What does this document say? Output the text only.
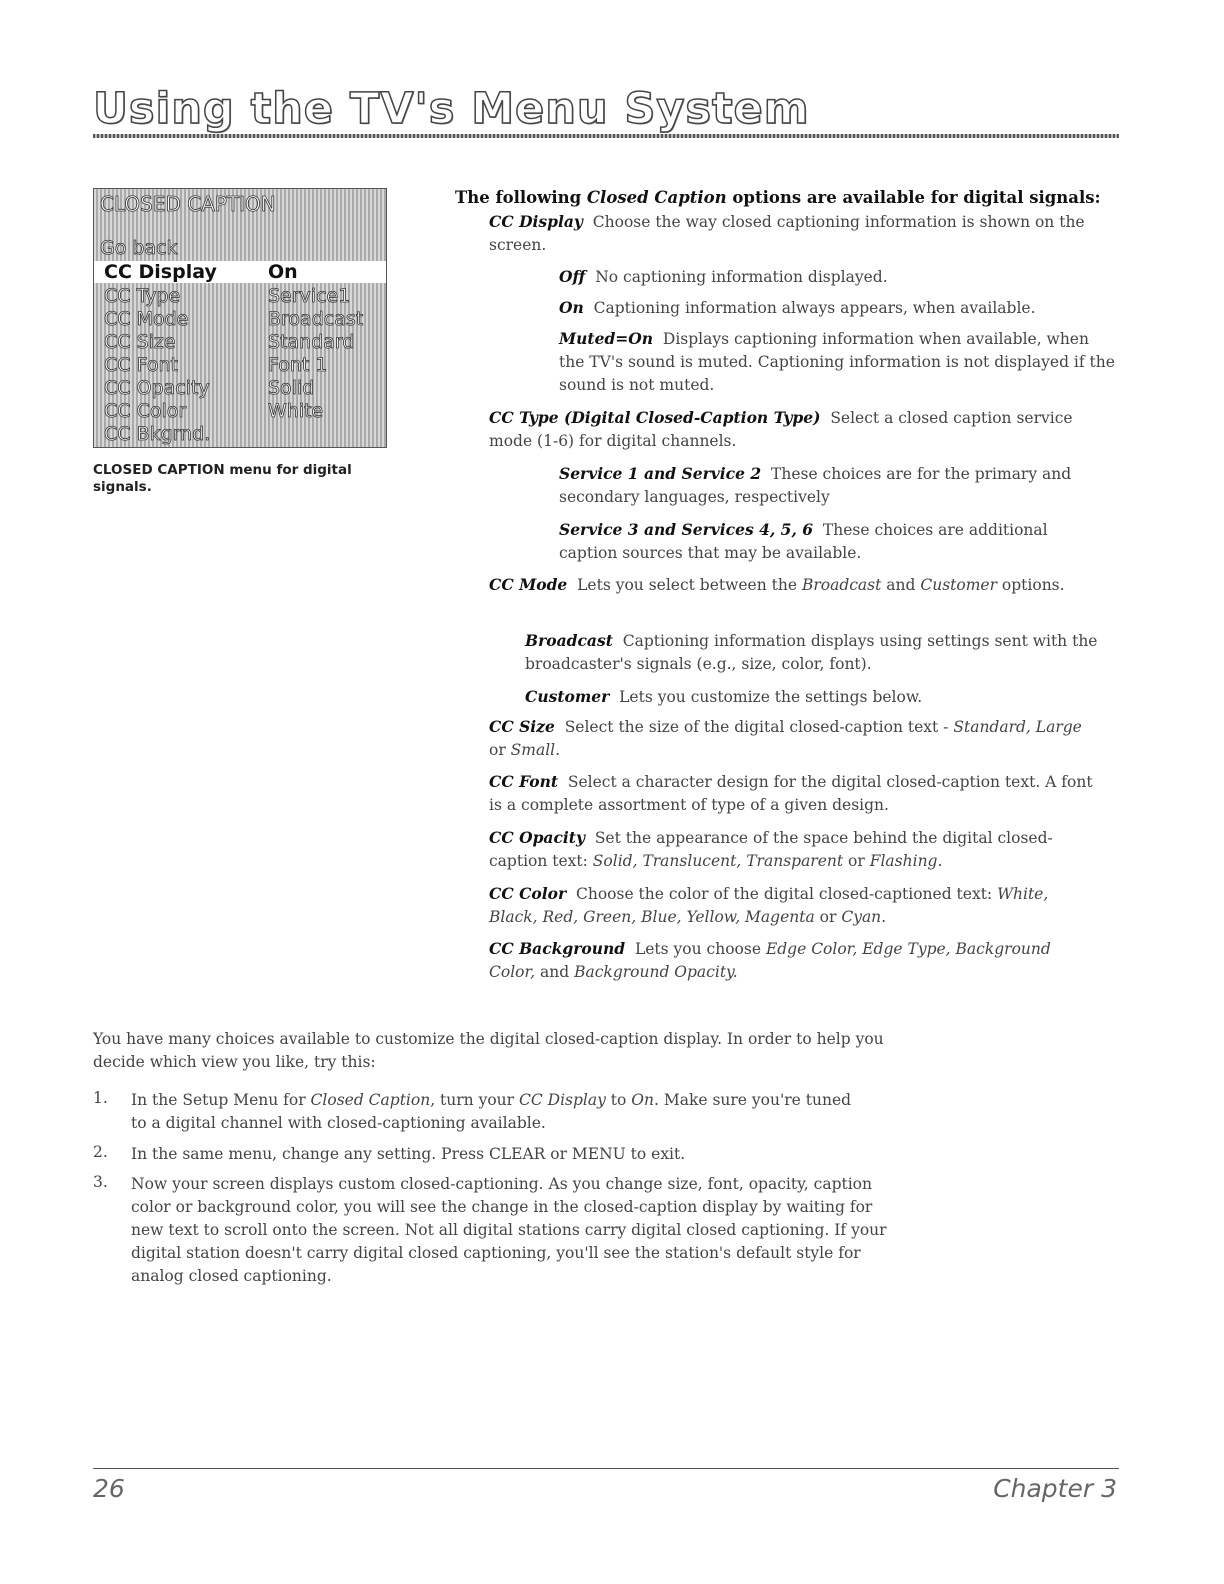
Using the TV's Menu System
CLOSED CAPTION
Go back
CC Display	On
CC Type	Service1
CC Mode	Broadcast
CC Size	Standard
CC Font	Font 1
CC Opacity	Solid
CC Color	White
CC Bkgrnd.
CLOSED CAPTION menu for digital signals.
The following Closed Caption options are available for digital signals:
CC Display Choose the way closed captioning information is shown on the screen.
Off No captioning information displayed.
On Captioning information always appears, when available.
Muted=On Displays captioning information when available, when the TV's sound is muted. Captioning information is not displayed if the sound is not muted.
CC Type (Digital Closed-Caption Type) Select a closed caption service mode (1-6) for digital channels.
Service 1 and Service 2 These choices are for the primary and secondary languages, respectively
Service 3 and Services 4, 5, 6 These choices are additional caption sources that may be available.
CC Mode Lets you select between the Broadcast and Customer options.
Broadcast Captioning information displays using settings sent with the broadcaster's signals (e.g., size, color, font).
Customer Lets you customize the settings below.
CC Size Select the size of the digital closed-caption text - Standard, Large or Small.
CC Font Select a character design for the digital closed-caption text. A font is a complete assortment of type of a given design.
CC Opacity Set the appearance of the space behind the digital closed-caption text: Solid, Translucent, Transparent or Flashing.
CC Color Choose the color of the digital closed-captioned text: White, Black, Red, Green, Blue, Yellow, Magenta or Cyan.
CC Background Lets you choose Edge Color, Edge Type, Background Color, and Background Opacity.
You have many choices available to customize the digital closed-caption display. In order to help you decide which view you like, try this:
1. In the Setup Menu for Closed Caption, turn your CC Display to On. Make sure you're tuned to a digital channel with closed-captioning available.
2. In the same menu, change any setting. Press CLEAR or MENU to exit.
3. Now your screen displays custom closed-captioning. As you change size, font, opacity, caption color or background color, you will see the change in the closed-caption display by waiting for new text to scroll onto the screen. Not all digital stations carry digital closed captioning. If your digital station doesn't carry digital closed captioning, you'll see the station's default style for analog closed captioning.
26	Chapter 3
